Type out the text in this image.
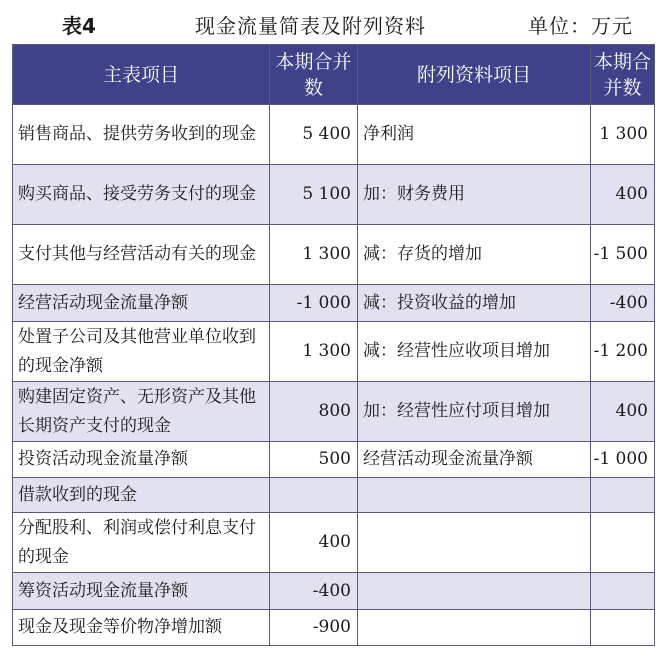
表4	现金流量简表及附列资料	单位：万元
主表项目	本期合并数	附列资料项目	本期合并数
销售商品、提供劳务收到的现金	5 400	净利润	1 300
购买商品、接受劳务支付的现金	5 100	加：财务费用	400
支付其他与经营活动有关的现金	1 300	减：存货的增加	-1 500
经营活动现金流量净额	-1 000	减：投资收益的增加	-400
处置子公司及其他营业单位收到的现金净额	1 300	减：经营性应收项目增加	-1 200
购建固定资产、无形资产及其他长期资产支付的现金	800	加：经营性应付项目增加	400
投资活动现金流量净额	500	经营活动现金流量净额	-1 000
借款收到的现金			
分配股利、利润或偿付利息支付的现金	400		
筹资活动现金流量净额	-400		
现金及现金等价物净增加额	-900		
